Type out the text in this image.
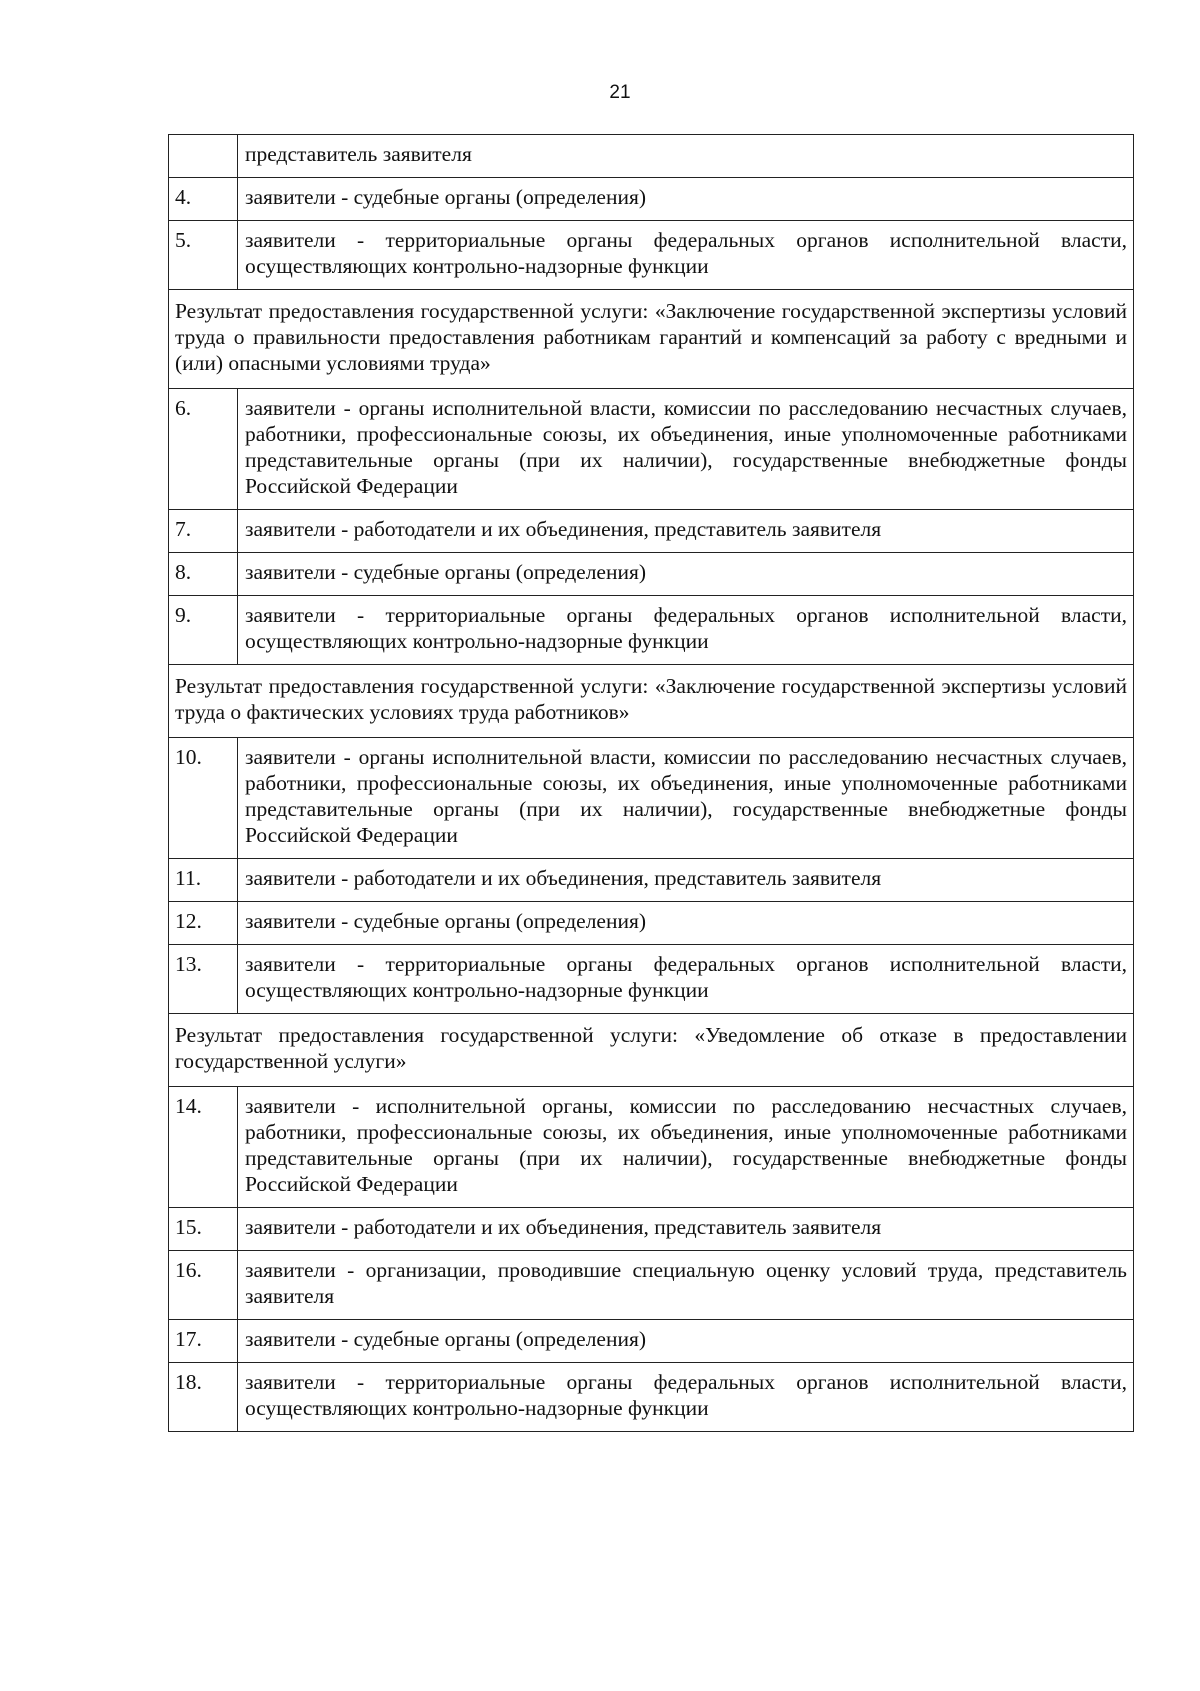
21
	представитель заявителя
4.	заявители - судебные органы (определения)
5.	заявители - территориальные органы федеральных органов исполнительной власти, осуществляющих контрольно-надзорные функции
Результат предоставления государственной услуги: «Заключение государственной экспертизы условий труда о правильности предоставления работникам гарантий и компенсаций за работу с вредными и (или) опасными условиями труда»	
6.	заявители - органы исполнительной власти, комиссии по расследованию несчастных случаев, работники, профессиональные союзы, их объединения, иные уполномоченные работниками представительные органы (при их наличии), государственные внебюджетные фонды Российской Федерации
7.	заявители - работодатели и их объединения, представитель заявителя
8.	заявители - судебные органы (определения)
9.	заявители - территориальные органы федеральных органов исполнительной власти, осуществляющих контрольно-надзорные функции
Результат предоставления государственной услуги: «Заключение государственной экспертизы условий труда о фактических условиях труда работников»	
10.	заявители - органы исполнительной власти, комиссии по расследованию несчастных случаев, работники, профессиональные союзы, их объединения, иные уполномоченные работниками представительные органы (при их наличии), государственные внебюджетные фонды Российской Федерации
11.	заявители - работодатели и их объединения, представитель заявителя
12.	заявители - судебные органы (определения)
13.	заявители - территориальные органы федеральных органов исполнительной власти, осуществляющих контрольно-надзорные функции
Результат предоставления государственной услуги: «Уведомление об отказе в предоставлении государственной услуги»	
14.	заявители - исполнительной органы, комиссии по расследованию несчастных случаев, работники, профессиональные союзы, их объединения, иные уполномоченные работниками представительные органы (при их наличии), государственные внебюджетные фонды Российской Федерации
15.	заявители - работодатели и их объединения, представитель заявителя
16.	заявители - организации, проводившие специальную оценку условий труда, представитель заявителя
17.	заявители - судебные органы (определения)
18.	заявители - территориальные органы федеральных органов исполнительной власти, осуществляющих контрольно-надзорные функции
